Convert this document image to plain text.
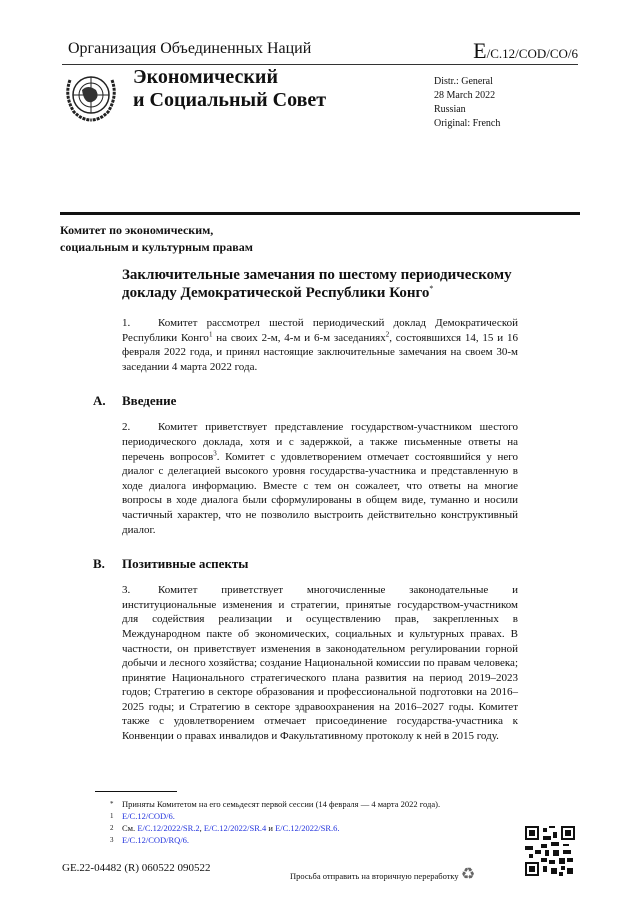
Организация Объединенных Наций	E/C.12/COD/CO/6
Экономический
и Социальный Совет
Distr.: General
28 March 2022
Russian
Original: French
Комитет по экономическим,
социальным и культурным правам
Заключительные замечания по шестому периодическому докладу Демократической Республики Конго*
1.	Комитет рассмотрел шестой периодический доклад Демократической Республики Конго$^1$ на своих 2-м, 4-м и 6-м заседаниях$^2$, состоявшихся 14, 15 и 16 февраля 2022 года, и принял настоящие заключительные замечания на своем 30-м заседании 4 марта 2022 года.
A. Введение
2.	Комитет приветствует представление государством-участником шестого периодического доклада, хотя и с задержкой, а также письменные ответы на перечень вопросов$^3$. Комитет с удовлетворением отмечает состоявшийся у него диалог с делегацией высокого уровня государства-участника и представленную в ходе диалога информацию. Вместе с тем он сожалеет, что ответы на многие вопросы в ходе диалога были сформулированы в общем виде, туманно и носили частичный характер, что не позволило выстроить действительно конструктивный диалог.
B. Позитивные аспекты
3.	Комитет приветствует многочисленные законодательные и институциональные изменения и стратегии, принятые государством-участником для содействия реализации и осуществлению прав, закрепленных в Международном пакте об экономических, социальных и культурных правах. В частности, он приветствует изменения в законодательном регулировании горной добычи и лесного хозяйства; создание Национальной комиссии по правам человека; принятие Национального стратегического плана развития на период 2019–2023 годов; Стратегию в секторе образования и профессиональной подготовки на 2016–2025 годы; и Стратегию в секторе здравоохранения на 2016–2027 годы. Комитет также с удовлетворением отмечает присоединение государства-участника к Конвенции о правах инвалидов и Факультативному протоколу к ней в 2015 году.
* Приняты Комитетом на его семьдесят первой сессии (14 февраля — 4 марта 2022 года).
1 E/C.12/COD/6.
2 См. E/C.12/2022/SR.2, E/C.12/2022/SR.4 и E/C.12/2022/SR.6.
3 E/C.12/COD/RQ/6.
GE.22-04482 (R) 060522 090522
Просьба отправить на вторичную переработку ♻
